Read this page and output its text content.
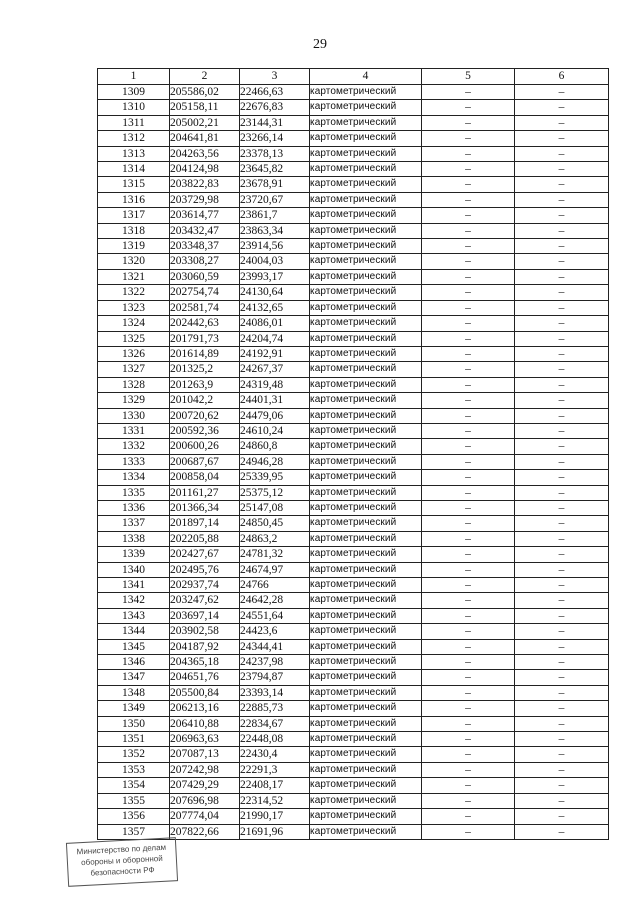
29
1	2	3	4	5	6
1309	205586,02	22466,63	картометрический	–	–
1310	205158,11	22676,83	картометрический	–	–
1311	205002,21	23144,31	картометрический	–	–
1312	204641,81	23266,14	картометрический	–	–
1313	204263,56	23378,13	картометрический	–	–
1314	204124,98	23645,82	картометрический	–	–
1315	203822,83	23678,91	картометрический	–	–
1316	203729,98	23720,67	картометрический	–	–
1317	203614,77	23861,7	картометрический	–	–
1318	203432,47	23863,34	картометрический	–	–
1319	203348,37	23914,56	картометрический	–	–
1320	203308,27	24004,03	картометрический	–	–
1321	203060,59	23993,17	картометрический	–	–
1322	202754,74	24130,64	картометрический	–	–
1323	202581,74	24132,65	картометрический	–	–
1324	202442,63	24086,01	картометрический	–	–
1325	201791,73	24204,74	картометрический	–	–
1326	201614,89	24192,91	картометрический	–	–
1327	201325,2	24267,37	картометрический	–	–
1328	201263,9	24319,48	картометрический	–	–
1329	201042,2	24401,31	картометрический	–	–
1330	200720,62	24479,06	картометрический	–	–
1331	200592,36	24610,24	картометрический	–	–
1332	200600,26	24860,8	картометрический	–	–
1333	200687,67	24946,28	картометрический	–	–
1334	200858,04	25339,95	картометрический	–	–
1335	201161,27	25375,12	картометрический	–	–
1336	201366,34	25147,08	картометрический	–	–
1337	201897,14	24850,45	картометрический	–	–
1338	202205,88	24863,2	картометрический	–	–
1339	202427,67	24781,32	картометрический	–	–
1340	202495,76	24674,97	картометрический	–	–
1341	202937,74	24766	картометрический	–	–
1342	203247,62	24642,28	картометрический	–	–
1343	203697,14	24551,64	картометрический	–	–
1344	203902,58	24423,6	картометрический	–	–
1345	204187,92	24344,41	картометрический	–	–
1346	204365,18	24237,98	картометрический	–	–
1347	204651,76	23794,87	картометрический	–	–
1348	205500,84	23393,14	картометрический	–	–
1349	206213,16	22885,73	картометрический	–	–
1350	206410,88	22834,67	картометрический	–	–
1351	206963,63	22448,08	картометрический	–	–
1352	207087,13	22430,4	картометрический	–	–
1353	207242,98	22291,3	картометрический	–	–
1354	207429,29	22408,17	картометрический	–	–
1355	207696,98	22314,52	картометрический	–	–
1356	207774,04	21990,17	картометрический	–	–
1357	207822,66	21691,96	картометрический	–	–
Министерство по делам
обороны и оборонной
безопасности РФ
